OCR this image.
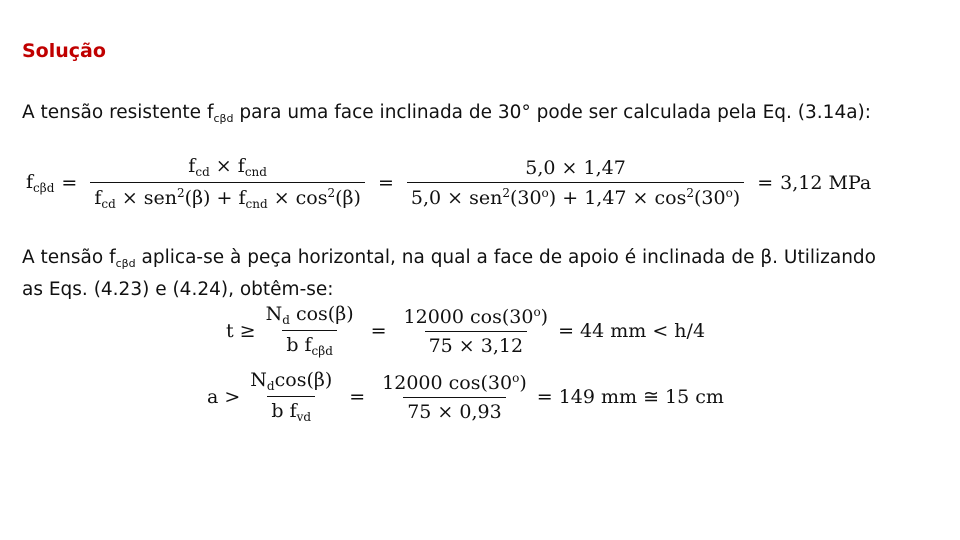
Solução
A tensão resistente $f_{c\beta d}$ para uma face inclinada de 30° pode ser calculada pela Eq. (3.14a):
$f_{c\beta d} = \frac{f_{cd} \times f_{cnd}}{f_{cd} \times sen^2(\beta) + f_{cnd} \times \cos^2(\beta)} = \frac{5,0 \times 1,47}{5,0 \times sen^2(30^o) + 1,47 \times \cos^2(30^o)} = 3,12$ MPa
A tensão $f_{c\beta d}$ aplica-se à peça horizontal, na qual a face de apoio é inclinada de β. Utilizando
as Eqs. (4.23) e (4.24), obtêm-se:
$t \ge \frac{N_d \cos(\beta)}{b f_{c\beta d}} = \frac{12000 \cos(30^o)}{75 \times 3,12} = 44$ mm < h/4
$a > \frac{N_d\cos(\beta)}{b f_{vd}} = \frac{12000 \cos(30^o)}{75 \times 0,93} = 149$ mm ≅ 15 cm
